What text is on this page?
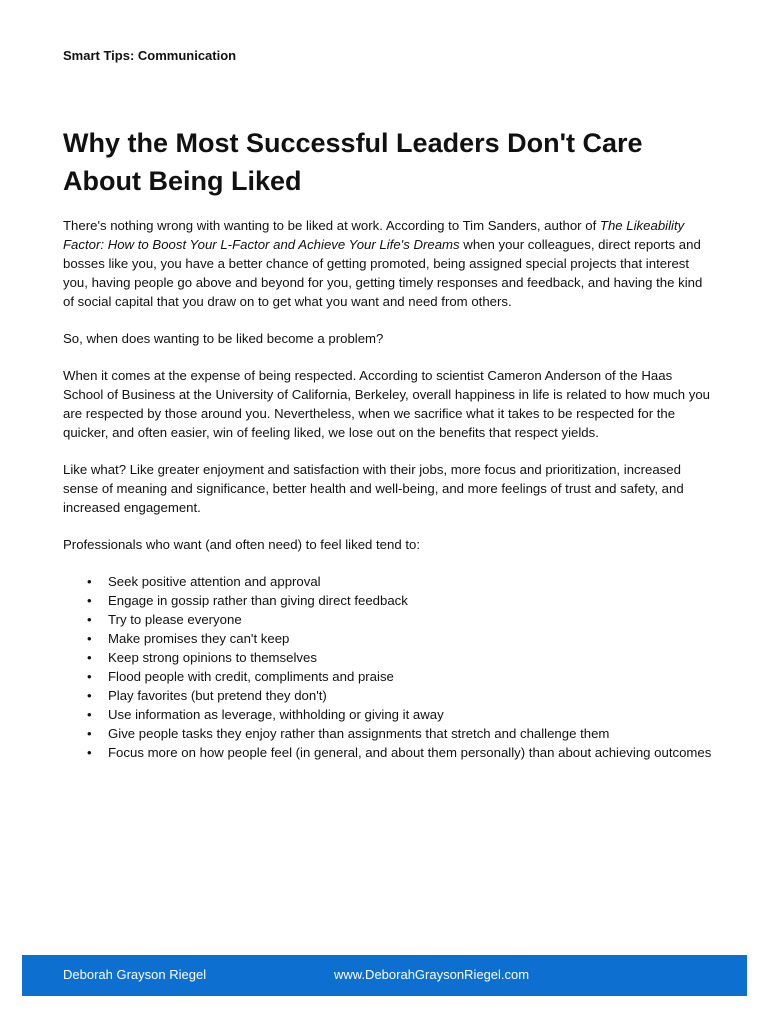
Smart Tips: Communication
Why the Most Successful Leaders Don't Care About Being Liked

There's nothing wrong with wanting to be liked at work. According to Tim Sanders, author of The Likeability Factor: How to Boost Your L-Factor and Achieve Your Life's Dreams when your colleagues, direct reports and bosses like you, you have a better chance of getting promoted, being assigned special projects that interest you, having people go above and beyond for you, getting timely responses and feedback, and having the kind of social capital that you draw on to get what you want and need from others.

So, when does wanting to be liked become a problem?

When it comes at the expense of being respected. According to scientist Cameron Anderson of the Haas School of Business at the University of California, Berkeley, overall happiness in life is related to how much you are respected by those around you. Nevertheless, when we sacrifice what it takes to be respected for the quicker, and often easier, win of feeling liked, we lose out on the benefits that respect yields.

Like what? Like greater enjoyment and satisfaction with their jobs, more focus and prioritization, increased sense of meaning and significance, better health and well-being, and more feelings of trust and safety, and increased engagement.

Professionals who want (and often need) to feel liked tend to:

• Seek positive attention and approval
• Engage in gossip rather than giving direct feedback
• Try to please everyone
• Make promises they can't keep
• Keep strong opinions to themselves
• Flood people with credit, compliments and praise
• Play favorites (but pretend they don't)
• Use information as leverage, withholding or giving it away
• Give people tasks they enjoy rather than assignments that stretch and challenge them
• Focus more on how people feel (in general, and about them personally) than about achieving outcomes
Deborah Grayson Riegel	www.DeborahGraysonRiegel.com
